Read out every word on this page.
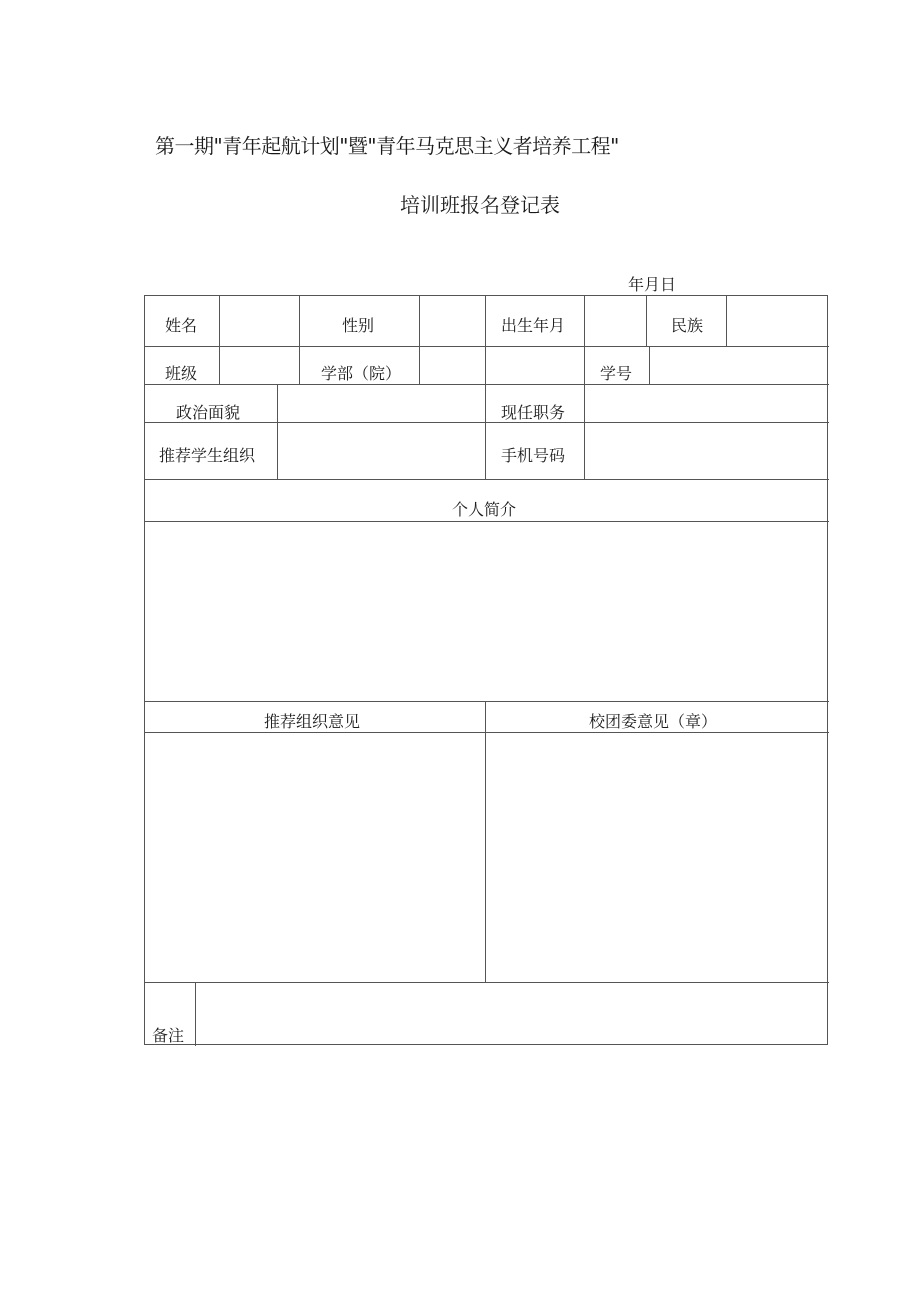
第一期"青年起航计划"暨"青年马克思主义者培养工程"
培训班报名登记表
年月日
姓名	性别	出生年月	民族
班级	学部（院）	学号
政治面貌	现任职务
推荐学生组织	手机号码
个人简介
推荐组织意见	校团委意见（章）
备注
